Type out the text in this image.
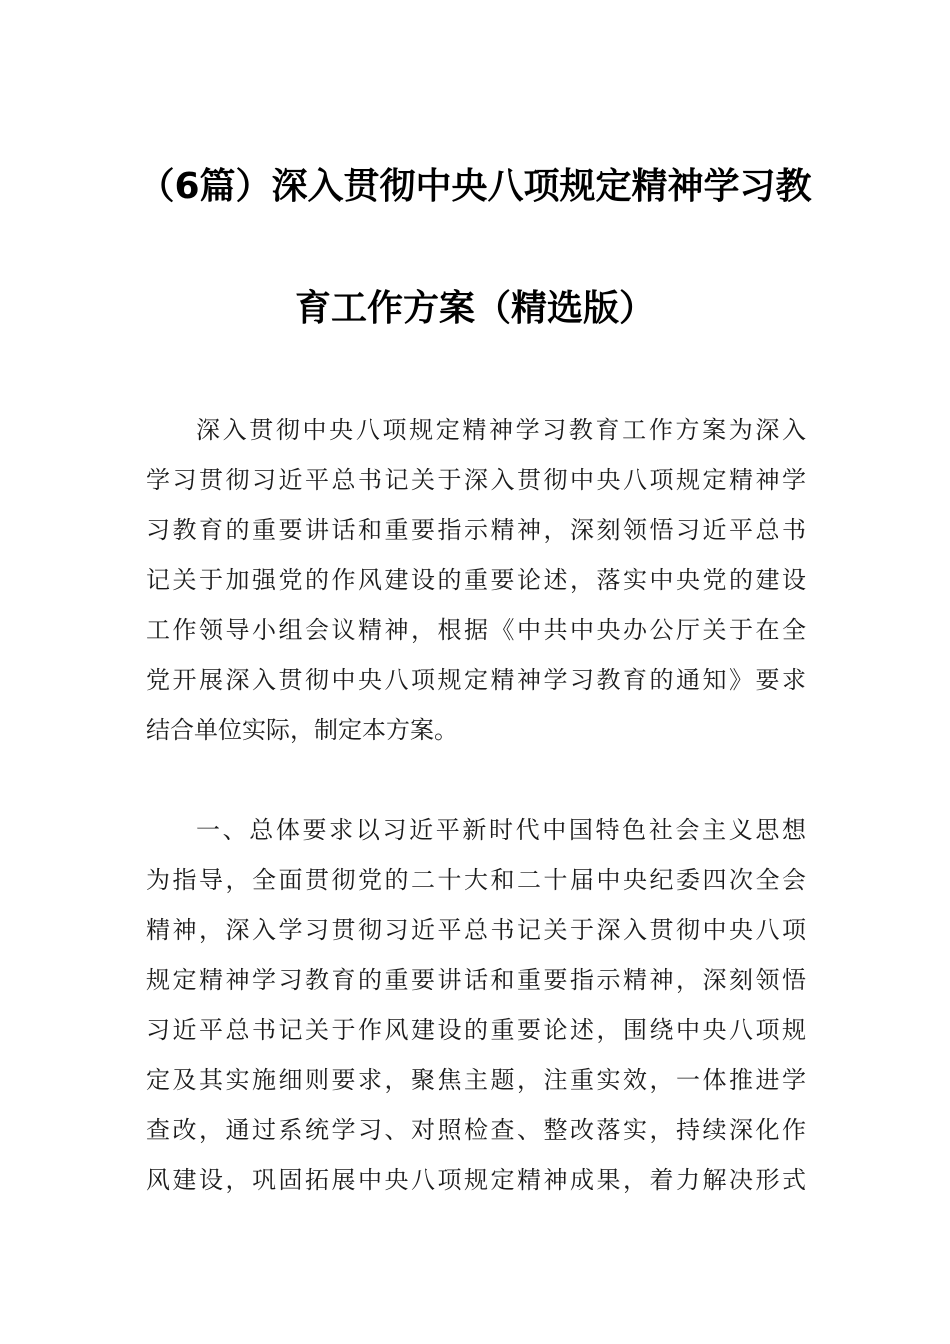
（6篇）深入贯彻中央八项规定精神学习教
育工作方案（精选版）
深入贯彻中央八项规定精神学习教育工作方案为深入
学习贯彻习近平总书记关于深入贯彻中央八项规定精神学
习教育的重要讲话和重要指示精神，深刻领悟习近平总书
记关于加强党的作风建设的重要论述，落实中央党的建设
工作领导小组会议精神，根据《中共中央办公厅关于在全
党开展深入贯彻中央八项规定精神学习教育的通知》要求
结合单位实际，制定本方案。
一、总体要求以习近平新时代中国特色社会主义思想
为指导，全面贯彻党的二十大和二十届中央纪委四次全会
精神，深入学习贯彻习近平总书记关于深入贯彻中央八项
规定精神学习教育的重要讲话和重要指示精神，深刻领悟
习近平总书记关于作风建设的重要论述，围绕中央八项规
定及其实施细则要求，聚焦主题，注重实效，一体推进学
查改，通过系统学习、对照检查、整改落实，持续深化作
风建设，巩固拓展中央八项规定精神成果，着力解决形式
